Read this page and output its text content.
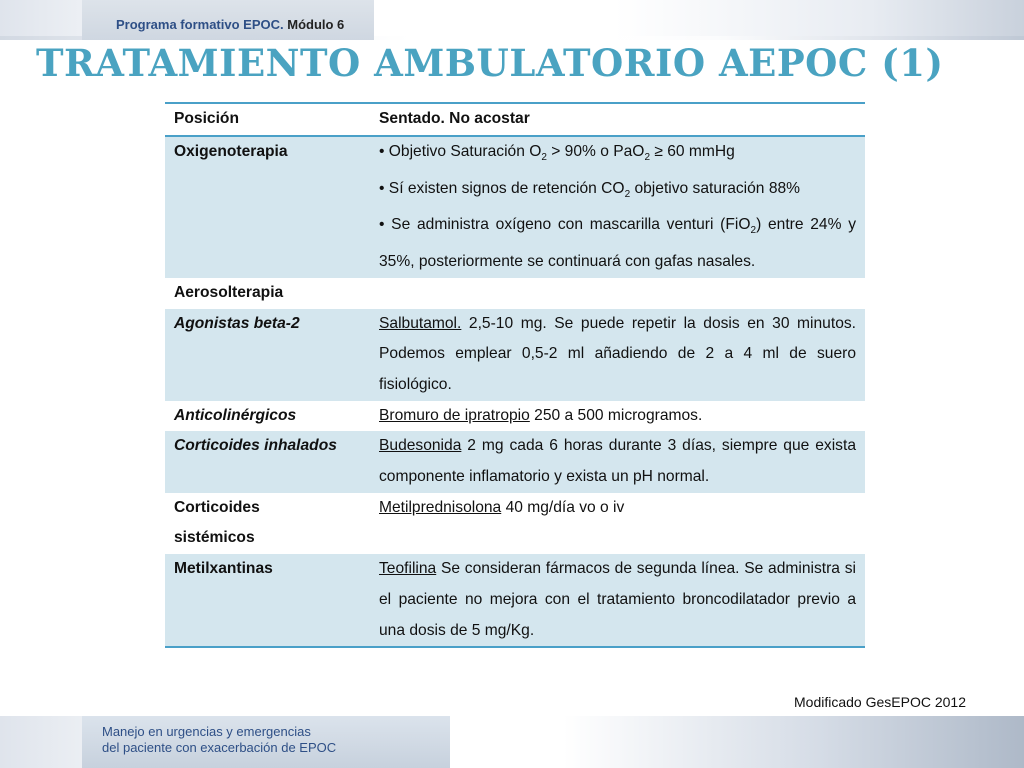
Programa formativo EPOC. Módulo 6
TRATAMIENTO AMBULATORIO AEPOC (1)
Posición	Sentado. No acostar
Oxigenoterapia	• Objetivo Saturación $O_2 > 90\%$ o PaO$_2$ ≥ 60 mmHg
• Sí existen signos de retención $CO_2$ objetivo saturación 88%
• Se administra oxígeno con mascarilla venturi (FiO$_2$) entre 24% y 35%, posteriormente se continuará con gafas nasales.

Aerosolterapia	
Agonistas beta-2	Salbutamol. 2,5-10 mg. Se puede repetir la dosis en 30 minutos. Podemos emplear 0,5-2 ml añadiendo de 2 a 4 ml de suero fisiológico.
Anticolinérgicos	Bromuro de ipratropio 250 a 500 microgramos.
Corticoides inhalados	Budesonida 2 mg cada 6 horas durante 3 días, siempre que exista componente inflamatorio y exista un pH normal.
Corticoides sistémicos	Metilprednisolona 40 mg/día vo o iv
Metilxantinas	Teofilina Se consideran fármacos de segunda línea. Se administra si el paciente no mejora con el tratamiento broncodilatador previo a una dosis de 5 mg/Kg.
Modificado GesEPOC 2012
Manejo en urgencias y emergencias
del paciente con exacerbación de EPOC
